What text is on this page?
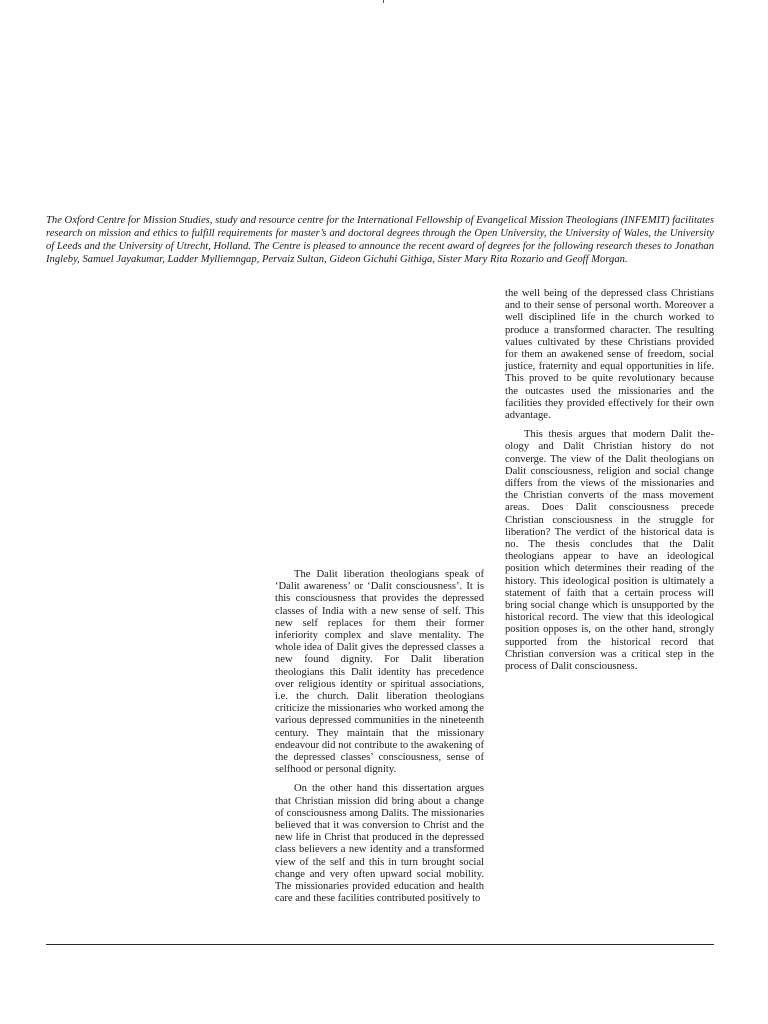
The Oxford Centre for Mission Studies, study and resource centre for the International Fellowship of Evangelical Mission Theologians (INFEMIT) facilitates research on mission and ethics to fulfill requirements for master’s and doctoral degrees through the Open University, the University of Wales, the University of Leeds and the University of Utrecht, Holland. The Centre is pleased to announce the recent award of degrees for the following research theses to Jonathan Ingleby, Samuel Jayakumar, Ladder Mylliemngap, Pervaiz Sultan, Gideon Gichuhi Githiga, Sister Mary Rita Rozario and Geoff Morgan.

The Dalit liberation theologians speak of ‘Dalit awareness’ or ‘Dalit consciousness’. It is this consciousness that provides the depressed classes of India with a new sense of self. This new self replaces for them their former inferiority complex and slave mentality. The whole idea of Dalit gives the depressed classes a new found dignity. For Dalit liberation theologians this Dalit identity has precedence over religious identity or spiritual associations, i.e. the church. Dalit liberation theologians criticize the missionaries who worked among the various depressed communities in the nineteenth century. They maintain that the missionary endeavour did not contribute to the awakening of the depressed classes’ consciousness, sense of selfhood or personal dignity.

On the other hand this dissertation argues that Christian mission did bring about a change of consciousness among Dalits. The missionaries believed that it was conversion to Christ and the new life in Christ that produced in the depressed class believers a new identity and a transformed view of the self and this in turn brought social change and very often upward social mobility. The missionaries provided education and health care and these facilities contributed positively to

the well being of the depressed class Christians and to their sense of personal worth. Moreover a well disciplined life in the church worked to produce a transformed character. The resulting values cultivated by these Christians provided for them an awakened sense of freedom, social justice, fraternity and equal opportunities in life. This proved to be quite revolutionary because the outcastes used the missionaries and the facilities they provided effectively for their own advantage.

This thesis argues that modern Dalit theology and Dalit Christian history do not converge. The view of the Dalit theologians on Dalit consciousness, religion and social change differs from the views of the missionaries and the Christian converts of the mass movement areas. Does Dalit consciousness precede Christian consciousness in the struggle for liberation? The verdict of the historical data is no. The thesis concludes that the Dalit theologians appear to have an ideological position which determines their reading of the history. This ideological position is ultimately a statement of faith that a certain process will bring social change which is unsupported by the historical record. The view that this ideological position opposes is, on the other hand, strongly supported from the historical record that Christian conversion was a critical step in the process of Dalit consciousness.
